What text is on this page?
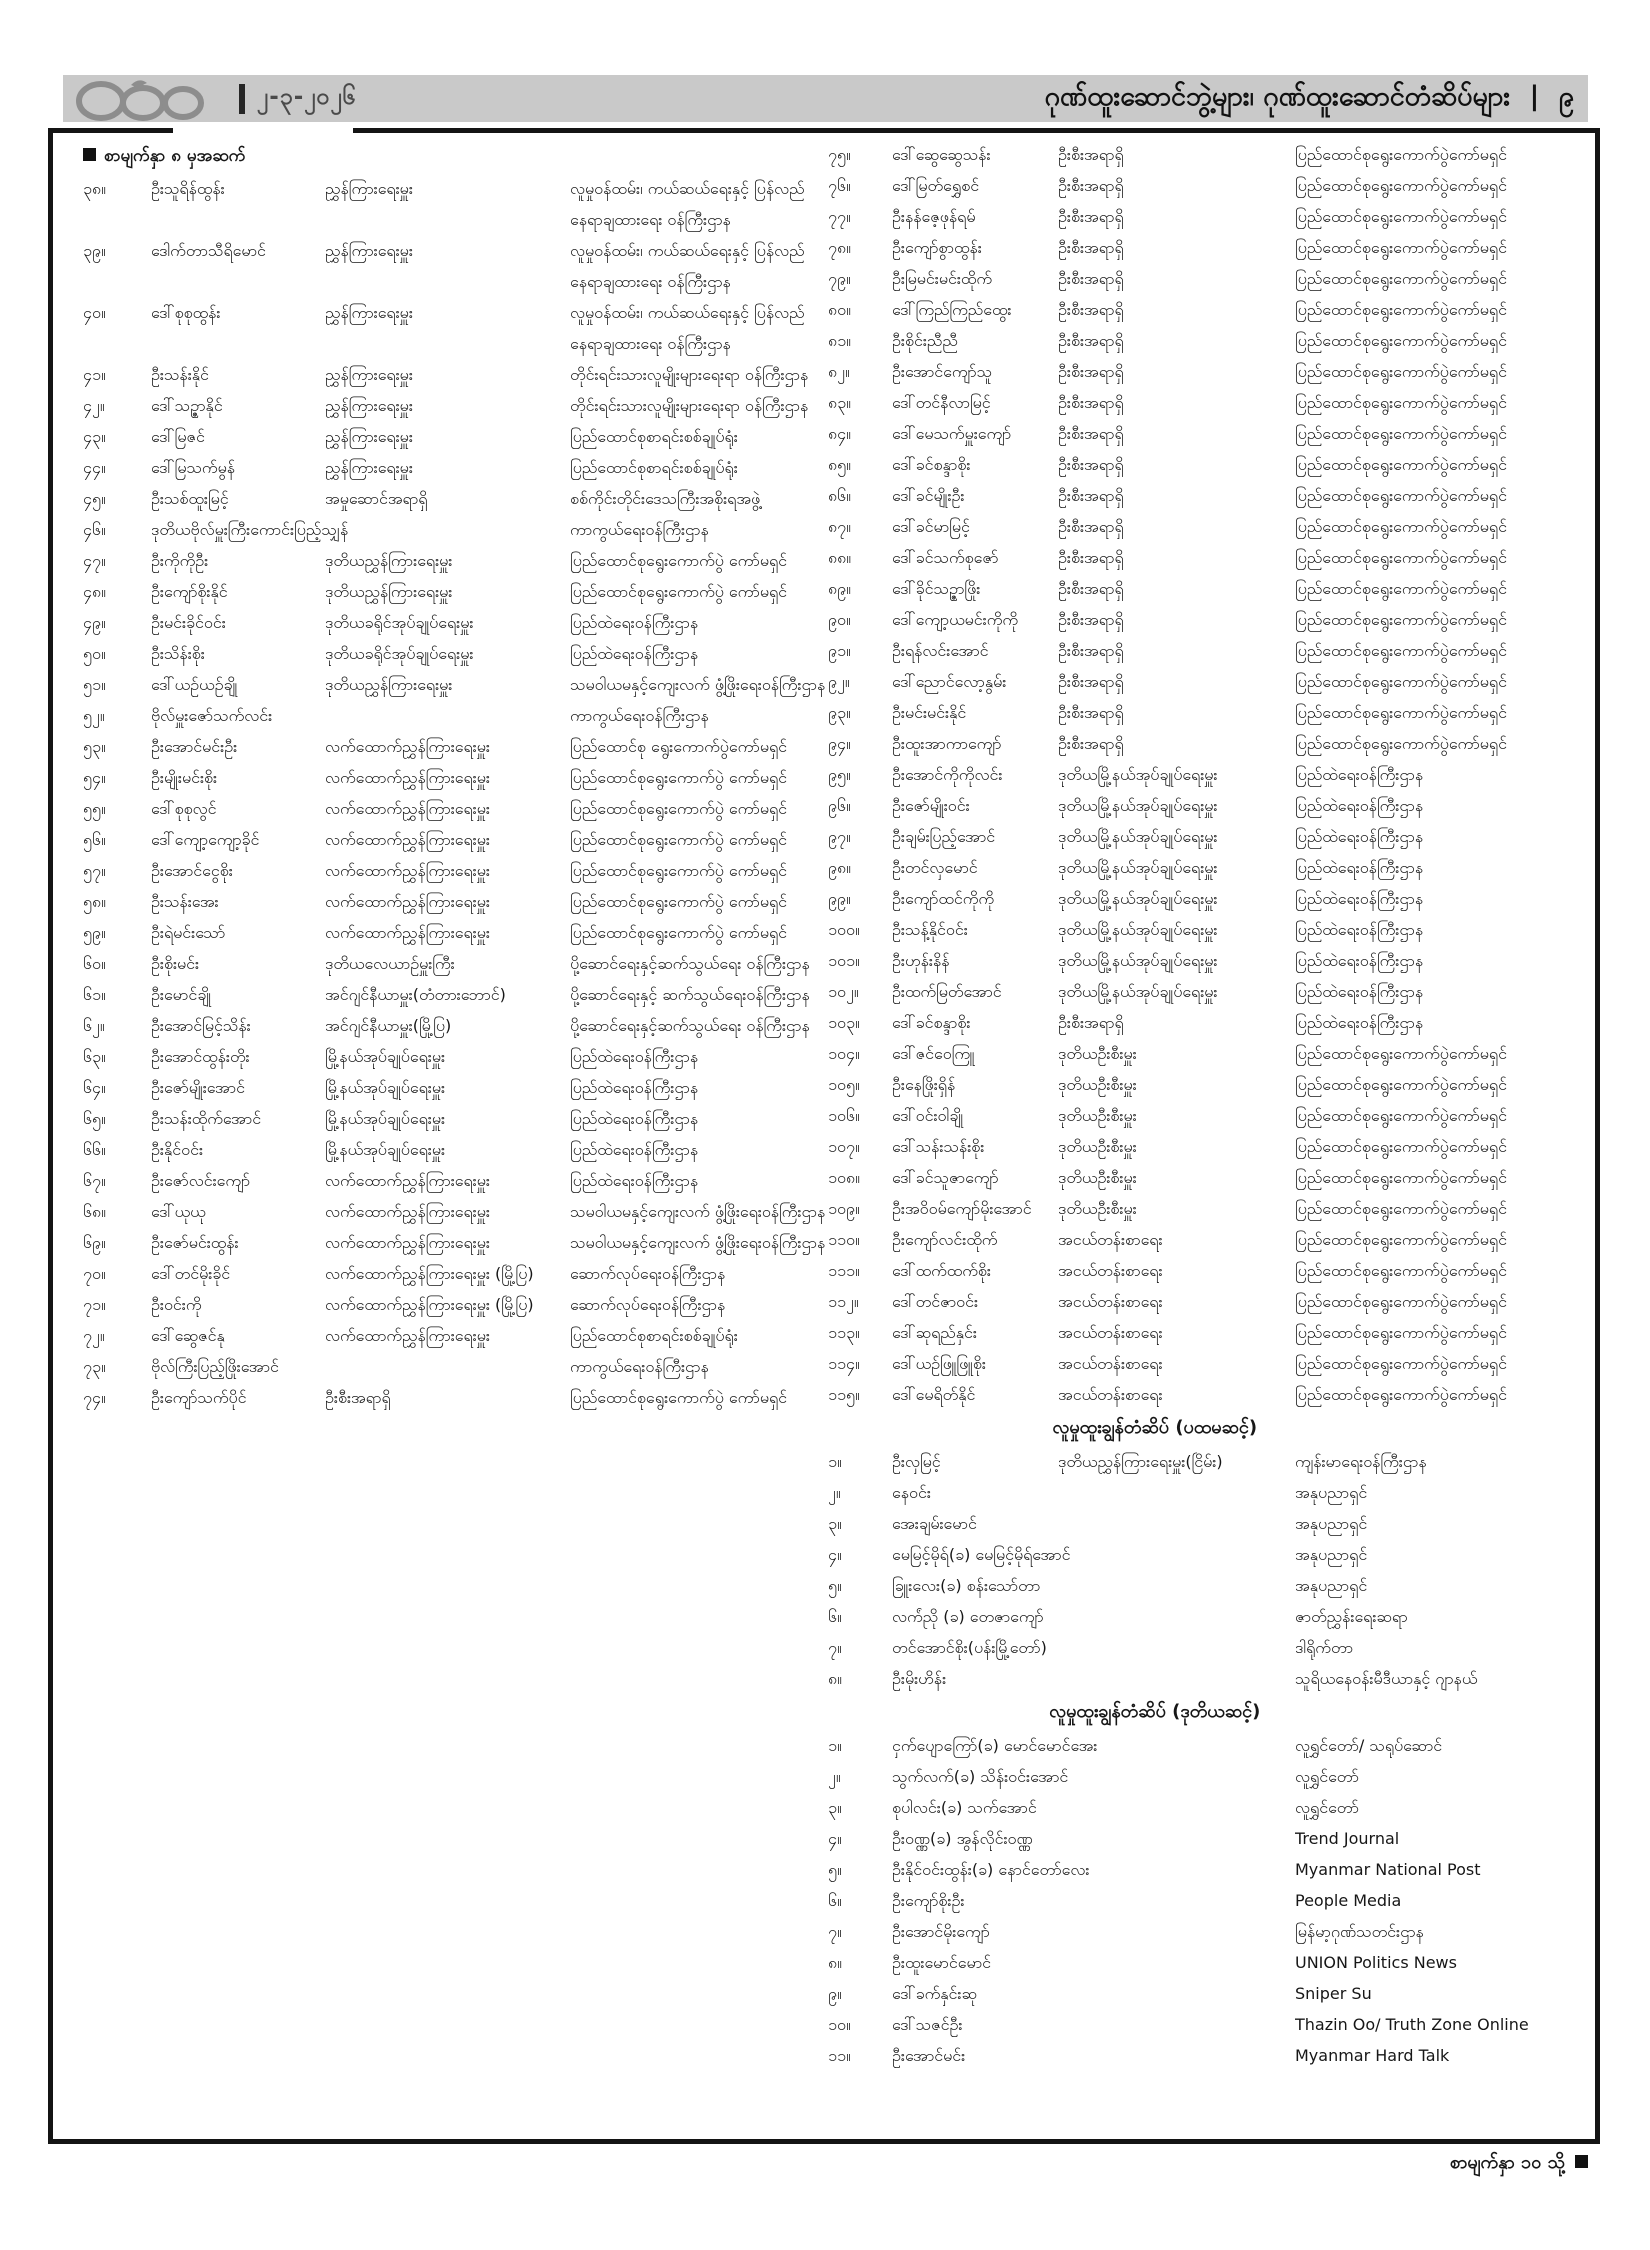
၂-၃-၂၀၂၆	ဂုဏ်ထူးဆောင်ဘွဲ့များ၊ ဂုဏ်ထူးဆောင်တံဆိပ်များ | ၉
စာမျက်နှာ ၈ မှအဆက်
၃၈။	ဦးသူရိန်ထွန်း	ညွှန်ကြားရေးမှူး	လူမှုဝန်ထမ်း၊ ကယ်ဆယ်ရေးနှင့် ပြန်လည်နေရာချထားရေး ဝန်ကြီးဌာန
၃၉။	ဒေါက်တာသီရိမောင်	ညွှန်ကြားရေးမှူး	လူမှုဝန်ထမ်း၊ ကယ်ဆယ်ရေးနှင့် ပြန်လည်နေရာချထားရေး ဝန်ကြီးဌာန
၄၀။	ဒေါ်စုစုထွန်း	ညွှန်ကြားရေးမှူး	လူမှုဝန်ထမ်း၊ ကယ်ဆယ်ရေးနှင့် ပြန်လည်နေရာချထားရေး ဝန်ကြီးဌာန
၄၁။	ဦးသန်းနိုင်	ညွှန်ကြားရေးမှူး	တိုင်းရင်းသားလူမျိုးများရေးရာ ဝန်ကြီးဌာန
၄၂။	ဒေါ်သဉ္ဇာနိုင်	ညွှန်ကြားရေးမှူး	တိုင်းရင်းသားလူမျိုးများရေးရာ ဝန်ကြီးဌာန
၄၃။	ဒေါ်မြဇင်	ညွှန်ကြားရေးမှူး	ပြည်ထောင်စုစာရင်းစစ်ချုပ်ရုံး
၄၄။	ဒေါ်မြသက်မွန်	ညွှန်ကြားရေးမှူး	ပြည်ထောင်စုစာရင်းစစ်ချုပ်ရုံး
၄၅။	ဦးသစ်ထူးမြင့်	အမှုဆောင်အရာရှိ	စစ်ကိုင်းတိုင်းဒေသကြီးအစိုးရအဖွဲ့
၄၆။	ဒုတိယဗိုလ်မှူးကြီးကောင်းပြည့်သျှန်	ကာကွယ်ရေးဝန်ကြီးဌာန
၄၇။	ဦးကိုကိုဦး	ဒုတိယညွှန်ကြားရေးမှူး	ပြည်ထောင်စုရွေးကောက်ပွဲ ကော်မရှင်
၄၈။	ဦးကျော်စိုးနိုင်	ဒုတိယညွှန်ကြားရေးမှူး	ပြည်ထောင်စုရွေးကောက်ပွဲ ကော်မရှင်
၄၉။	ဦးမင်းခိုင်ဝင်း	ဒုတိယခရိုင်အုပ်ချုပ်ရေးမှူး	ပြည်ထဲရေးဝန်ကြီးဌာန
၅၀။	ဦးသိန်းစိုး	ဒုတိယခရိုင်အုပ်ချုပ်ရေးမှူး	ပြည်ထဲရေးဝန်ကြီးဌာန
၅၁။	ဒေါ်ယဉ်ယဉ်ချို	ဒုတိယညွှန်ကြားရေးမှူး	သမဝါယမနှင့်ကျေးလက် ဖွံ့ဖြိုးရေးဝန်ကြီးဌာန
၅၂။	ဗိုလ်မှူးဇော်သက်လင်း	ကာကွယ်ရေးဝန်ကြီးဌာန
၅၃။	ဦးအောင်မင်းဦး	လက်ထောက်ညွှန်ကြားရေးမှူး	ပြည်ထောင်စု ရွေးကောက်ပွဲကော်မရှင်
၅၄။	ဦးမျိုးမင်းစိုး	လက်ထောက်ညွှန်ကြားရေးမှူး	ပြည်ထောင်စုရွေးကောက်ပွဲ ကော်မရှင်
၅၅။	ဒေါ်စုစုလွင်	လက်ထောက်ညွှန်ကြားရေးမှူး	ပြည်ထောင်စုရွေးကောက်ပွဲ ကော်မရှင်
၅၆။	ဒေါ်ကျော့ကျော့ခိုင်	လက်ထောက်ညွှန်ကြားရေးမှူး	ပြည်ထောင်စုရွေးကောက်ပွဲ ကော်မရှင်
၅၇။	ဦးအောင်ငွေစိုး	လက်ထောက်ညွှန်ကြားရေးမှူး	ပြည်ထောင်စုရွေးကောက်ပွဲ ကော်မရှင်
၅၈။	ဦးသန်းအေး	လက်ထောက်ညွှန်ကြားရေးမှူး	ပြည်ထောင်စုရွေးကောက်ပွဲ ကော်မရှင်
၅၉။	ဦးရဲမင်းသော်	လက်ထောက်ညွှန်ကြားရေးမှူး	ပြည်ထောင်စုရွေးကောက်ပွဲ ကော်မရှင်
၆၀။	ဦးစိုးမင်း	ဒုတိယလေယာဉ်မှူးကြီး	ပို့ဆောင်ရေးနှင့်ဆက်သွယ်ရေး ဝန်ကြီးဌာန
၆၁။	ဦးမောင်ချို	အင်ဂျင်နီယာမှူး(တံတားဘောင်)	ပို့ဆောင်ရေးနှင့် ဆက်သွယ်ရေးဝန်ကြီးဌာန
၆၂။	ဦးအောင်မြင့်သိန်း	အင်ဂျင်နီယာမှူး(မြို့ပြ)	ပို့ဆောင်ရေးနှင့်ဆက်သွယ်ရေး ဝန်ကြီးဌာန
၆၃။	ဦးအောင်ထွန်းတိုး	မြို့နယ်အုပ်ချုပ်ရေးမှူး	ပြည်ထဲရေးဝန်ကြီးဌာန
၆၄။	ဦးဇော်မျိုးအောင်	မြို့နယ်အုပ်ချုပ်ရေးမှူး	ပြည်ထဲရေးဝန်ကြီးဌာန
၆၅။	ဦးသန်းထိုက်အောင်	မြို့နယ်အုပ်ချုပ်ရေးမှူး	ပြည်ထဲရေးဝန်ကြီးဌာန
၆၆။	ဦးနိုင်ဝင်း	မြို့နယ်အုပ်ချုပ်ရေးမှူး	ပြည်ထဲရေးဝန်ကြီးဌာန
၆၇။	ဦးဇော်လင်းကျော်	လက်ထောက်ညွှန်ကြားရေးမှူး	ပြည်ထဲရေးဝန်ကြီးဌာန
၆၈။	ဒေါ်ယုယု	လက်ထောက်ညွှန်ကြားရေးမှူး	သမဝါယမနှင့်ကျေးလက် ဖွံ့ဖြိုးရေးဝန်ကြီးဌာန
၆၉။	ဦးဇော်မင်းထွန်း	လက်ထောက်ညွှန်ကြားရေးမှူး	သမဝါယမနှင့်ကျေးလက် ဖွံ့ဖြိုးရေးဝန်ကြီးဌာန
၇၀။	ဒေါ်တင်မိုးခိုင်	လက်ထောက်ညွှန်ကြားရေးမှူး (မြို့ပြ)	ဆောက်လုပ်ရေးဝန်ကြီးဌာန
၇၁။	ဦးဝင်းကို	လက်ထောက်ညွှန်ကြားရေးမှူး (မြို့ပြ)	ဆောက်လုပ်ရေးဝန်ကြီးဌာန
၇၂။	ဒေါ်ဆွေဇင်နု	လက်ထောက်ညွှန်ကြားရေးမှူး	ပြည်ထောင်စုစာရင်းစစ်ချုပ်ရုံး
၇၃။	ဗိုလ်ကြီးပြည့်ဖြိုးအောင်	ကာကွယ်ရေးဝန်ကြီးဌာန
၇၄။	ဦးကျော်သက်ပိုင်	ဦးစီးအရာရှိ	ပြည်ထောင်စုရွေးကောက်ပွဲ ကော်မရှင်
၇၅။	ဒေါ်ဆွေဆွေသန်း	ဦးစီးအရာရှိ	ပြည်ထောင်စုရွေးကောက်ပွဲကော်မရှင်
၇၆။	ဒေါ်မြတ်ရွှေစင်	ဦးစီးအရာရှိ	ပြည်ထောင်စုရွေးကောက်ပွဲကော်မရှင်
၇၇။	ဦးနန်ဇေ့ဖုန်ရမ်	ဦးစီးအရာရှိ	ပြည်ထောင်စုရွေးကောက်ပွဲကော်မရှင်
၇၈။	ဦးကျော်စွာထွန်း	ဦးစီးအရာရှိ	ပြည်ထောင်စုရွေးကောက်ပွဲကော်မရှင်
၇၉။	ဦးမြမင်းမင်းထိုက်	ဦးစီးအရာရှိ	ပြည်ထောင်စုရွေးကောက်ပွဲကော်မရှင်
၈၀။	ဒေါ်ကြည်ကြည်ထွေး	ဦးစီးအရာရှိ	ပြည်ထောင်စုရွေးကောက်ပွဲကော်မရှင်
၈၁။	ဦးစိုင်းညီညီ	ဦးစီးအရာရှိ	ပြည်ထောင်စုရွေးကောက်ပွဲကော်မရှင်
၈၂။	ဦးအောင်ကျော်သူ	ဦးစီးအရာရှိ	ပြည်ထောင်စုရွေးကောက်ပွဲကော်မရှင်
၈၃။	ဒေါ်တင်နီလာမြင့်	ဦးစီးအရာရှိ	ပြည်ထောင်စုရွေးကောက်ပွဲကော်မရှင်
၈၄။	ဒေါ်မေသက်မှူးကျော်	ဦးစီးအရာရှိ	ပြည်ထောင်စုရွေးကောက်ပွဲကော်မရှင်
၈၅။	ဒေါ်ခင်စန္ဒာစိုး	ဦးစီးအရာရှိ	ပြည်ထောင်စုရွေးကောက်ပွဲကော်မရှင်
၈၆။	ဒေါ်ခင်မျိုးဦး	ဦးစီးအရာရှိ	ပြည်ထောင်စုရွေးကောက်ပွဲကော်မရှင်
၈၇။	ဒေါ်ခင်မာမြင့်	ဦးစီးအရာရှိ	ပြည်ထောင်စုရွေးကောက်ပွဲကော်မရှင်
၈၈။	ဒေါ်ခင်သက်စုဇော်	ဦးစီးအရာရှိ	ပြည်ထောင်စုရွေးကောက်ပွဲကော်မရှင်
၈၉။	ဒေါ်ခိုင်သဉ္ဇာဖြိုး	ဦးစီးအရာရှိ	ပြည်ထောင်စုရွေးကောက်ပွဲကော်မရှင်
၉၀။	ဒေါ်ကျော့ယမင်းကိုကို	ဦးစီးအရာရှိ	ပြည်ထောင်စုရွေးကောက်ပွဲကော်မရှင်
၉၁။	ဦးရန်လင်းအောင်	ဦးစီးအရာရှိ	ပြည်ထောင်စုရွေးကောက်ပွဲကော်မရှင်
၉၂။	ဒေါ်ညောင်လော့နွမ်း	ဦးစီးအရာရှိ	ပြည်ထောင်စုရွေးကောက်ပွဲကော်မရှင်
၉၃။	ဦးမင်းမင်းနိုင်	ဦးစီးအရာရှိ	ပြည်ထောင်စုရွေးကောက်ပွဲကော်မရှင်
၉၄။	ဦးထူးအာကာကျော်	ဦးစီးအရာရှိ	ပြည်ထောင်စုရွေးကောက်ပွဲကော်မရှင်
၉၅။	ဦးအောင်ကိုကိုလင်း	ဒုတိယမြို့နယ်အုပ်ချုပ်ရေးမှူး	ပြည်ထဲရေးဝန်ကြီးဌာန
၉၆။	ဦးဇော်မျိုးဝင်း	ဒုတိယမြို့နယ်အုပ်ချုပ်ရေးမှူး	ပြည်ထဲရေးဝန်ကြီးဌာန
၉၇။	ဦးချမ်းပြည့်အောင်	ဒုတိယမြို့နယ်အုပ်ချုပ်ရေးမှူး	ပြည်ထဲရေးဝန်ကြီးဌာန
၉၈။	ဦးတင်လှမောင်	ဒုတိယမြို့နယ်အုပ်ချုပ်ရေးမှူး	ပြည်ထဲရေးဝန်ကြီးဌာန
၉၉။	ဦးကျော်ထင်ကိုကို	ဒုတိယမြို့နယ်အုပ်ချုပ်ရေးမှူး	ပြည်ထဲရေးဝန်ကြီးဌာန
၁၀၀။	ဦးသန့်နိုင်ဝင်း	ဒုတိယမြို့နယ်အုပ်ချုပ်ရေးမှူး	ပြည်ထဲရေးဝန်ကြီးဌာန
၁၀၁။	ဦးဟုန်းနိန်	ဒုတိယမြို့နယ်အုပ်ချုပ်ရေးမှူး	ပြည်ထဲရေးဝန်ကြီးဌာန
၁၀၂။	ဦးထက်မြတ်အောင်	ဒုတိယမြို့နယ်အုပ်ချုပ်ရေးမှူး	ပြည်ထဲရေးဝန်ကြီးဌာန
၁၀၃။	ဒေါ်ခင်စန္ဒာစိုး	ဦးစီးအရာရှိ	ပြည်ထဲရေးဝန်ကြီးဌာန
၁၀၄။	ဒေါ်ဇင်ဝေကြူ	ဒုတိယဦးစီးမှူး	ပြည်ထောင်စုရွေးကောက်ပွဲကော်မရှင်
၁၀၅။	ဦးနေဖြိုးရှိန်	ဒုတိယဦးစီးမှူး	ပြည်ထောင်စုရွေးကောက်ပွဲကော်မရှင်
၁၀၆။	ဒေါ်ဝင်းဝါချို	ဒုတိယဦးစီးမှူး	ပြည်ထောင်စုရွေးကောက်ပွဲကော်မရှင်
၁၀၇။	ဒေါ်သန်းသန်းစိုး	ဒုတိယဦးစီးမှူး	ပြည်ထောင်စုရွေးကောက်ပွဲကော်မရှင်
၁၀၈။	ဒေါ်ခင်သူဇာကျော်	ဒုတိယဦးစီးမှူး	ပြည်ထောင်စုရွေးကောက်ပွဲကော်မရှင်
၁၀၉။	ဦးအဝိဝမ်ကျော်မိုးအောင်	ဒုတိယဦးစီးမှူး	ပြည်ထောင်စုရွေးကောက်ပွဲကော်မရှင်
၁၁၀။	ဦးကျော်လင်းထိုက်	အငယ်တန်းစာရေး	ပြည်ထောင်စုရွေးကောက်ပွဲကော်မရှင်
၁၁၁။	ဒေါ်ထက်ထက်စိုး	အငယ်တန်းစာရေး	ပြည်ထောင်စုရွေးကောက်ပွဲကော်မရှင်
၁၁၂။	ဒေါ်တင်ဇာဝင်း	အငယ်တန်းစာရေး	ပြည်ထောင်စုရွေးကောက်ပွဲကော်မရှင်
၁၁၃။	ဒေါ်ဆုရည်နှင်း	အငယ်တန်းစာရေး	ပြည်ထောင်စုရွေးကောက်ပွဲကော်မရှင်
၁၁၄။	ဒေါ်ယဉ်ဖြူဖြူစိုး	အငယ်တန်းစာရေး	ပြည်ထောင်စုရွေးကောက်ပွဲကော်မရှင်
၁၁၅။	ဒေါ်မေရိတ်နိုင်	အငယ်တန်းစာရေး	ပြည်ထောင်စုရွေးကောက်ပွဲကော်မရှင်
လူမှုထူးချွန်တံဆိပ် (ပထမဆင့်)
၁။	ဦးလှမြင့်	ဒုတိယညွှန်ကြားရေးမှူး(ငြိမ်း)	ကျန်းမာရေးဝန်ကြီးဌာန
၂။	နေဝင်း	အနုပညာရှင်
၃။	အေးချမ်းမောင်	အနုပညာရှင်
၄။	မေမြင့်မိုရ်(ခ) မေမြင့်မိုရ်အောင်	အနုပညာရှင်
၅။	ခြူးလေး(ခ) စန်းသော်တာ	အနုပညာရှင်
၆။	လက်ံညို (ခ) တေဇာကျော်	ဇာတ်ညွှန်းရေးဆရာ
၇။	တင်အောင်စိုး(ပန်းမြို့တော်)	ဒါရိုက်တာ
၈။	ဦးမိုးဟိန်း	သူရိယနေဝန်းမီဒီယာနှင့် ဂျာနယ်
လူမှုထူးချွန်တံဆိပ် (ဒုတိယဆင့်)
၁။	ငှက်ပျောကြော်(ခ) မောင်မောင်အေး	လူရွှင်တော်/ သရုပ်ဆောင်
၂။	သွက်လက်(ခ) သိန်းဝင်းအောင်	လူရွှင်တော်
၃။	စုပါလင်း(ခ) သက်အောင်	လူရွှင်တော်
၄။	ဦးဝဏ္ဏ(ခ) အွန်လိုင်းဝဏ္ဏ	Trend Journal
၅။	ဦးနိုင်ဝင်းထွန်း(ခ) နောင်တော်လေး	Myanmar National Post
၆။	ဦးကျော်စိုးဦး	People Media
၇။	ဦးအောင်မိုးကျော်	မြန်မာ့ဂုဏ်သတင်းဌာန
၈။	ဦးထူးမောင်မောင်	UNION Politics News
၉။	ဒေါ်ခက်နှင်းဆု	Sniper Su
၁၀။	ဒေါ်သဇင်ဦး	Thazin Oo/ Truth Zone Online
၁၁။	ဦးအောင်မင်း	Myanmar Hard Talk
စာမျက်နှာ ၁၀ သို့
